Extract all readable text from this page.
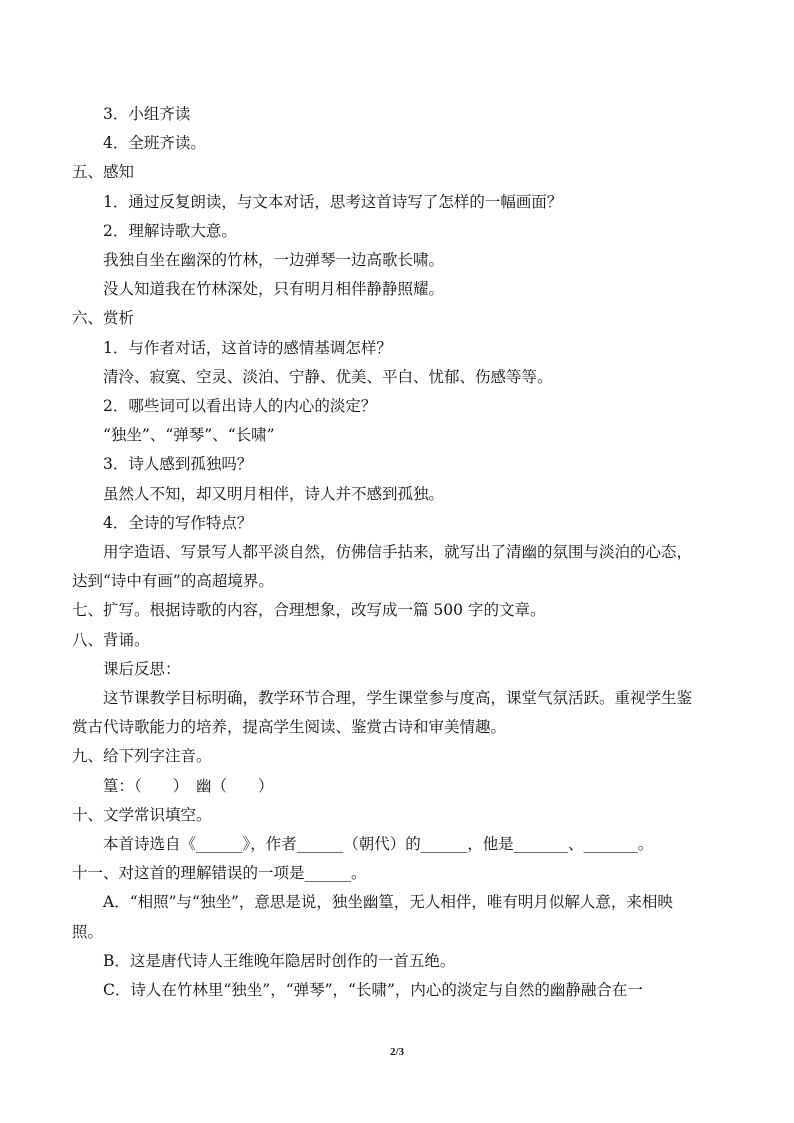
3．小组齐读
4．全班齐读。
五、感知
1．通过反复朗读，与文本对话，思考这首诗写了怎样的一幅画面？
2．理解诗歌大意。
我独自坐在幽深的竹林，一边弹琴一边高歌长啸。
没人知道我在竹林深处，只有明月相伴静静照耀。
六、赏析
1．与作者对话，这首诗的感情基调怎样？
清泠、寂寞、空灵、淡泊、宁静、优美、平白、忧郁、伤感等等。
2．哪些词可以看出诗人的内心的淡定？
“独坐”、“弹琴”、“长啸”
3．诗人感到孤独吗？
虽然人不知，却又明月相伴，诗人并不感到孤独。
4．全诗的写作特点？
用字造语、写景写人都平淡自然，仿佛信手拈来，就写出了清幽的氛围与淡泊的心态，
达到“诗中有画”的高超境界。
七、扩写。根据诗歌的内容，合理想象，改写成一篇 500 字的文章。
八、背诵。
课后反思：
这节课教学目标明确，教学环节合理，学生课堂参与度高，课堂气氛活跃。重视学生鉴
赏古代诗歌能力的培养，提高学生阅读、鉴赏古诗和审美情趣。
九、给下列字注音。
篁：（　　）　幽（　　）
十、文学常识填空。
本首诗选自《______》，作者______（朝代）的______，他是_______、_______。
十一、对这首的理解错误的一项是______。
A．“相照”与“独坐”，意思是说，独坐幽篁，无人相伴，唯有明月似解人意，来相映
照。
B．这是唐代诗人王维晚年隐居时创作的一首五绝。
C．诗人在竹林里“独坐”，“弹琴”，“长啸”，内心的淡定与自然的幽静融合在一
2/3
